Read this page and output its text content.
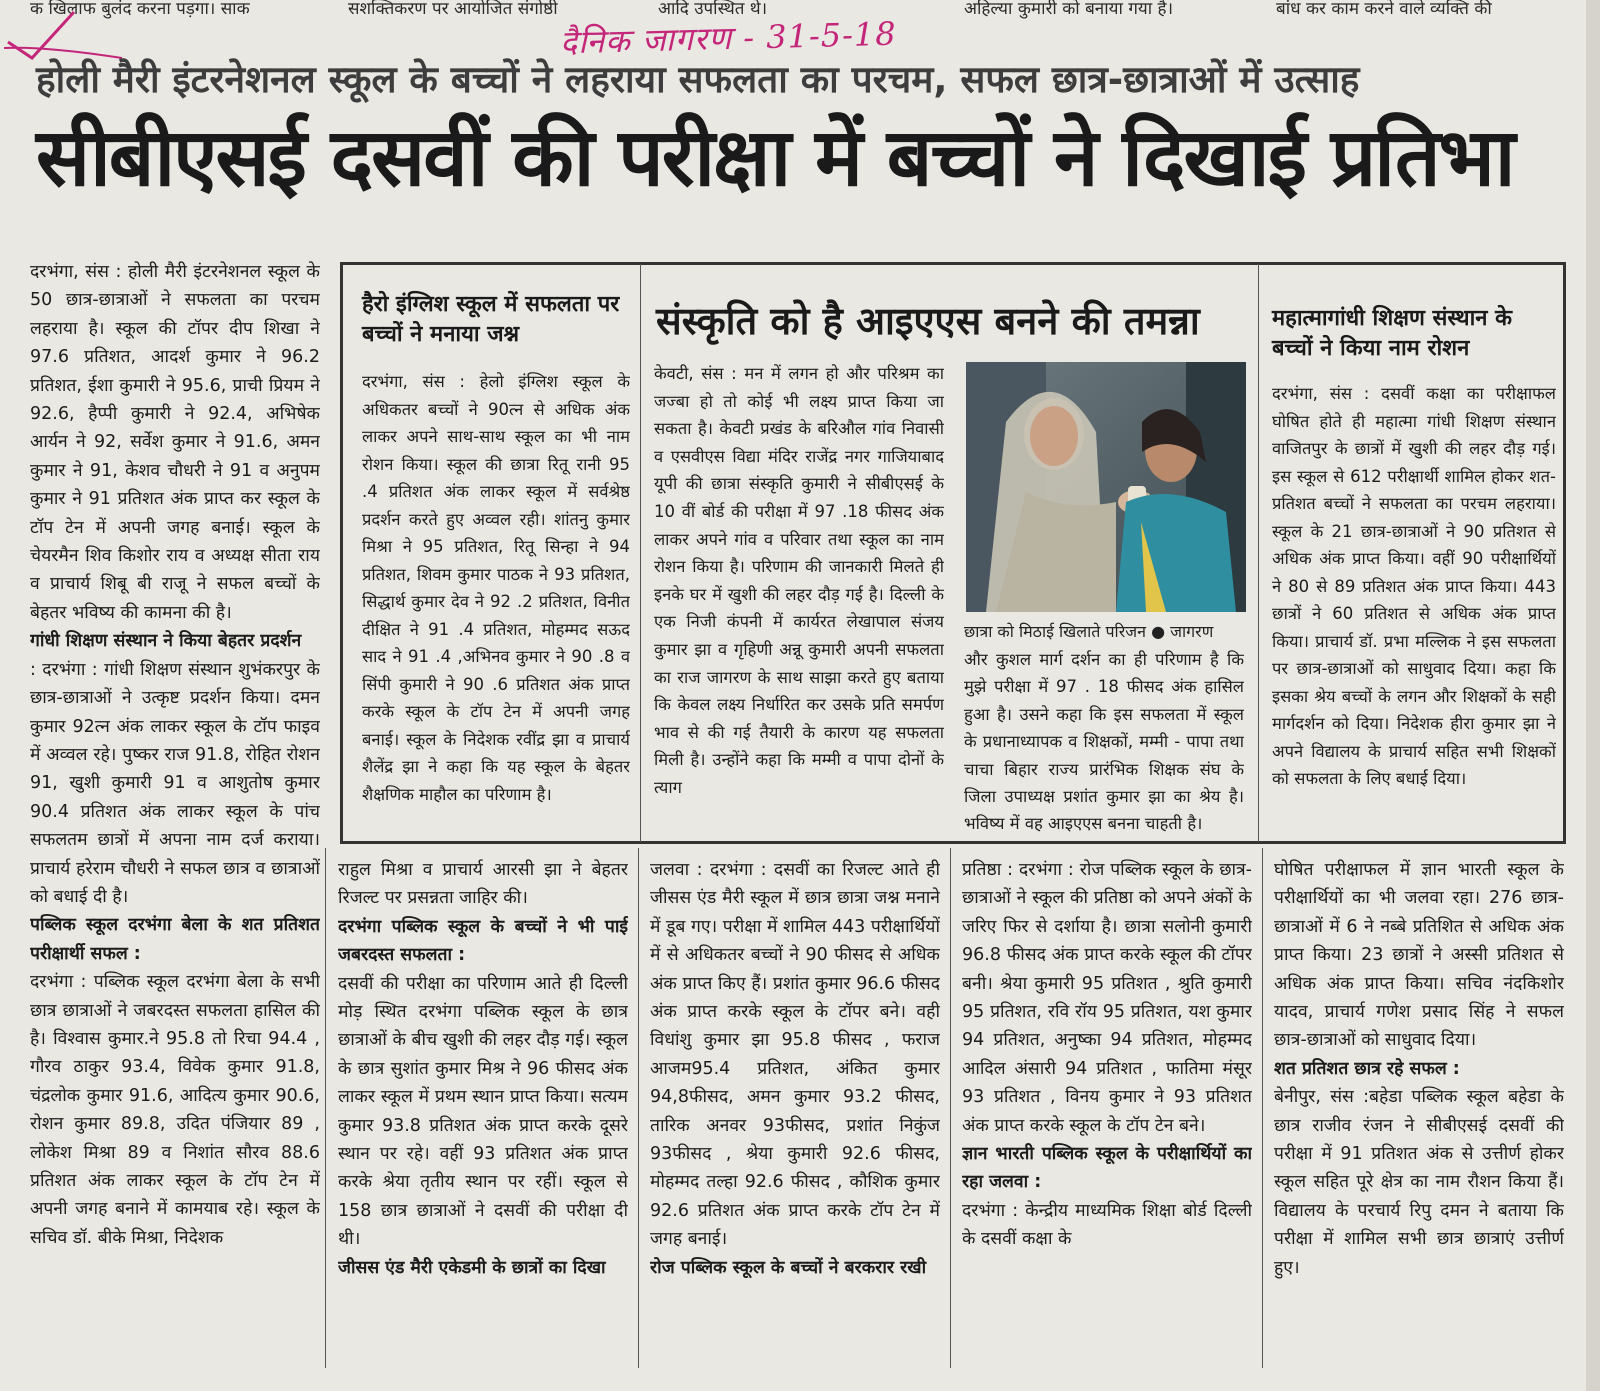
क खिलाफ बुलंद करना पड़गा। साक	सशक्तिकरण पर आयोजित संगोष्ठी	आदि उपस्थित थे।	अहिल्या कुमारी को बनाया गया है।	बांध कर काम करने वाले व्यक्ति की
दैनिक जागरण - 31-5-18
होली मैरी इंटरनेशनल स्कूल के बच्चों ने लहराया सफलता का परचम, सफल छात्र-छात्राओं में उत्साह
सीबीएसई दसवीं की परीक्षा में बच्चों ने दिखाई प्रतिभा

दरभंगा, संस : होली मैरी इंटरनेशनल स्कूल के 50 छात्र-छात्राओं ने सफलता का परचम लहराया है। स्कूल की टॉपर दीप शिखा ने 97.6 प्रतिशत, आदर्श कुमार ने 96.2 प्रतिशत, ईशा कुमारी ने 95.6, प्राची प्रियम ने 92.6, हैप्पी कुमारी ने 92.4, अभिषेक आर्यन ने 92, सर्वेश कुमार ने 91.6, अमन कुमार ने 91, केशव चौधरी ने 91 व अनुपम कुमार ने 91 प्रतिशत अंक प्राप्त कर स्कूल के टॉप टेन में अपनी जगह बनाई। स्कूल के चेयरमैन शिव किशोर राय व अध्यक्ष सीता राय व प्राचार्य शिबू बी राजू ने सफल बच्चों के बेहतर भविष्य की कामना की है।

गांधी शिक्षण संस्थान ने किया बेहतर प्रदर्शन

: दरभंगा : गांधी शिक्षण संस्थान शुभंकरपुर के छात्र-छात्राओं ने उत्कृष्ट प्रदर्शन किया। दमन कुमार 92त्न अंक लाकर स्कूल के टॉप फाइव में अव्वल रहे। पुष्कर राज 91.8, रोहित रोशन 91, खुशी कुमारी 91 व आशुतोष कुमार 90.4 प्रतिशत अंक लाकर स्कूल के पांच सफलतम छात्रों में अपना नाम दर्ज कराया। प्राचार्य हरेराम चौधरी ने सफल छात्र व छात्राओं को बधाई दी है।

पब्लिक स्कूल दरभंगा बेला के शत प्रतिशत परीक्षार्थी सफल :

दरभंगा : पब्लिक स्कूल दरभंगा बेला के सभी छात्र छात्राओं ने जबरदस्त सफलता हासिल की है। विश्वास कुमार.ने 95.8 तो रिचा 94.4 , गौरव ठाकुर 93.4, विवेक कुमार 91.8, चंद्रलोक कुमार 91.6, आदित्य कुमार 90.6, रोशन कुमार 89.8, उदित पंजियार 89 , लोकेश मिश्रा 89 व निशांत सौरव 88.6 प्रतिशत अंक लाकर स्कूल के टॉप टेन में अपनी जगह बनाने में कामयाब रहे। स्कूल के सचिव डॉ. बीके मिश्रा, निदेशक

हैरो इंग्लिश स्कूल में सफलता पर बच्चों ने मनाया जश्न

दरभंगा, संस : हेलो इंग्लिश स्कूल के अधिकतर बच्चों ने 90त्न से अधिक अंक लाकर अपने साथ-साथ स्कूल का भी नाम रोशन किया। स्कूल की छात्रा रितू रानी 95 .4 प्रतिशत अंक लाकर स्कूल में सर्वश्रेष्ठ प्रदर्शन करते हुए अव्वल रही। शांतनु कुमार मिश्रा ने 95 प्रतिशत, रितू सिन्हा ने 94 प्रतिशत, शिवम कुमार पाठक ने 93 प्रतिशत, सिद्धार्थ कुमार देव ने 92 .2 प्रतिशत, विनीत दीक्षित ने 91 .4 प्रतिशत, मोहम्मद सऊद साद ने 91 .4 ,अभिनव कुमार ने 90 .8 व सिंपी कुमारी ने 90 .6 प्रतिशत अंक प्राप्त करके स्कूल के टॉप टेन में अपनी जगह बनाई। स्कूल के निदेशक रवींद्र झा व प्राचार्य शैलेंद्र झा ने कहा कि यह स्कूल के बेहतर शैक्षणिक माहौल का परिणाम है।

संस्कृति को है आइएएस बनने की तमन्ना

केवटी, संस : मन में लगन हो और परिश्रम का जज्बा हो तो कोई भी लक्ष्य प्राप्त किया जा सकता है। केवटी प्रखंड के बरिऔल गांव निवासी व एसवीएस विद्या मंदिर राजेंद्र नगर गाजियाबाद यूपी की छात्रा संस्कृति कुमारी ने सीबीएसई के 10 वीं बोर्ड की परीक्षा में 97 .18 फीसद अंक लाकर अपने गांव व परिवार तथा स्कूल का नाम रोशन किया है। परिणाम की जानकारी मिलते ही इनके घर में खुशी की लहर दौड़ गई है। दिल्ली के एक निजी कंपनी में कार्यरत लेखापाल संजय कुमार झा व गृहिणी अन्नू कुमारी अपनी सफलता का राज जागरण के साथ साझा करते हुए बताया कि केवल लक्ष्य निर्धारित कर उसके प्रति समर्पण भाव से की गई तैयारी के कारण यह सफलता मिली है। उन्होंने कहा कि मम्मी व पापा दोनों के त्याग

छात्रा को मिठाई खिलाते परिजन ● जागरण

और कुशल मार्ग दर्शन का ही परिणाम है कि मुझे परीक्षा में 97 . 18 फीसद अंक हासिल हुआ है। उसने कहा कि इस सफलता में स्कूल के प्रधानाध्यापक व शिक्षकों, मम्मी - पापा तथा चाचा बिहार राज्य प्रारंभिक शिक्षक संघ के जिला उपाध्यक्ष प्रशांत कुमार झा का श्रेय है। भविष्य में वह आइएएस बनना चाहती है।

महात्मागांधी शिक्षण संस्थान के बच्चों ने किया नाम रोशन

दरभंगा, संस : दसवीं कक्षा का परीक्षाफल घोषित होते ही महात्मा गांधी शिक्षण संस्थान वाजितपुर के छात्रों में खुशी की लहर दौड़ गई। इस स्कूल से 612 परीक्षार्थी शामिल होकर शत-प्रतिशत बच्चों ने सफलता का परचम लहराया। स्कूल के 21 छात्र-छात्राओं ने 90 प्रतिशत से अधिक अंक प्राप्त किया। वहीं 90 परीक्षार्थियों ने 80 से 89 प्रतिशत अंक प्राप्त किया। 443 छात्रों ने 60 प्रतिशत से अधिक अंक प्राप्त किया। प्राचार्य डॉ. प्रभा मल्लिक ने इस सफलता पर छात्र-छात्राओं को साधुवाद दिया। कहा कि इसका श्रेय बच्चों के लगन और शिक्षकों के सही मार्गदर्शन को दिया। निदेशक हीरा कुमार झा ने अपने विद्यालय के प्राचार्य सहित सभी शिक्षकों को सफलता के लिए बधाई दिया।

राहुल मिश्रा व प्राचार्य आरसी झा ने बेहतर रिजल्ट पर प्रसन्नता जाहिर की।

दरभंगा पब्लिक स्कूल के बच्चों ने भी पाई जबरदस्त सफलता :

दसवीं की परीक्षा का परिणाम आते ही दिल्ली मोड़ स्थित दरभंगा पब्लिक स्कूल के छात्र छात्राओं के बीच खुशी की लहर दौड़ गई। स्कूल के छात्र सुशांत कुमार मिश्र ने 96 फीसद अंक लाकर स्कूल में प्रथम स्थान प्राप्त किया। सत्यम कुमार 93.8 प्रतिशत अंक प्राप्त करके दूसरे स्थान पर रहे। वहीं 93 प्रतिशत अंक प्राप्त करके श्रेया तृतीय स्थान पर रहीं। स्कूल से 158 छात्र छात्राओं ने दसवीं की परीक्षा दी थी।

जीसस एंड मैरी एकेडमी के छात्रों का दिखा

जलवा : दरभंगा : दसवीं का रिजल्ट आते ही जीसस एंड मैरी स्कूल में छात्र छात्रा जश्न मनाने में डूब गए। परीक्षा में शामिल 443 परीक्षार्थियों में से अधिकतर बच्चों ने 90 फीसद से अधिक अंक प्राप्त किए हैं। प्रशांत कुमार 96.6 फीसद अंक प्राप्त करके स्कूल के टॉपर बने। वही विधांशु कुमार झा 95.8 फीसद , फराज आजम95.4 प्रतिशत, अंकित कुमार 94,8फीसद, अमन कुमार 93.2 फीसद, तारिक अनवर 93फीसद, प्रशांत निकुंज 93फीसद , श्रेया कुमारी 92.6 फीसद, मोहम्मद तल्हा 92.6 फीसद , कौशिक कुमार 92.6 प्रतिशत अंक प्राप्त करके टॉप टेन में जगह बनाई।

रोज पब्लिक स्कूल के बच्चों ने बरकरार रखी

प्रतिष्ठा : दरभंगा : रोज पब्लिक स्कूल के छात्र-छात्राओं ने स्कूल की प्रतिष्ठा को अपने अंकों के जरिए फिर से दर्शाया है। छात्रा सलोनी कुमारी 96.8 फीसद अंक प्राप्त करके स्कूल की टॉपर बनी। श्रेया कुमारी 95 प्रतिशत , श्रुति कुमारी 95 प्रतिशत, रवि रॉय 95 प्रतिशत, यश कुमार 94 प्रतिशत, अनुष्का 94 प्रतिशत, मोहम्मद आदिल अंसारी 94 प्रतिशत , फातिमा मंसूर 93 प्रतिशत , विनय कुमार ने 93 प्रतिशत अंक प्राप्त करके स्कूल के टॉप टेन बने।

ज्ञान भारती पब्लिक स्कूल के परीक्षार्थियों का रहा जलवा :

दरभंगा : केन्द्रीय माध्यमिक शिक्षा बोर्ड दिल्ली के दसवीं कक्षा के

घोषित परीक्षाफल में ज्ञान भारती स्कूल के परीक्षार्थियों का भी जलवा रहा। 276 छात्र-छात्राओं में 6 ने नब्बे प्रतिशित से अधिक अंक प्राप्त किया। 23 छात्रों ने अस्सी प्रतिशत से अधिक अंक प्राप्त किया। सचिव नंदकिशोर यादव, प्राचार्य गणेश प्रसाद सिंह ने सफल छात्र-छात्राओं को साधुवाद दिया।

शत प्रतिशत छात्र रहे सफल :

बेनीपुर, संस :बहेडा पब्लिक स्कूल बहेडा के छात्र राजीव रंजन ने सीबीएसई दसवीं की परीक्षा में 91 प्रतिशत अंक से उत्तीर्ण होकर स्कूल सहित पूरे क्षेत्र का नाम रौशन किया हैं। विद्यालय के परचार्य रिपु दमन ने बताया कि परीक्षा में शामिल सभी छात्र छात्राएं उत्तीर्ण हुए।
